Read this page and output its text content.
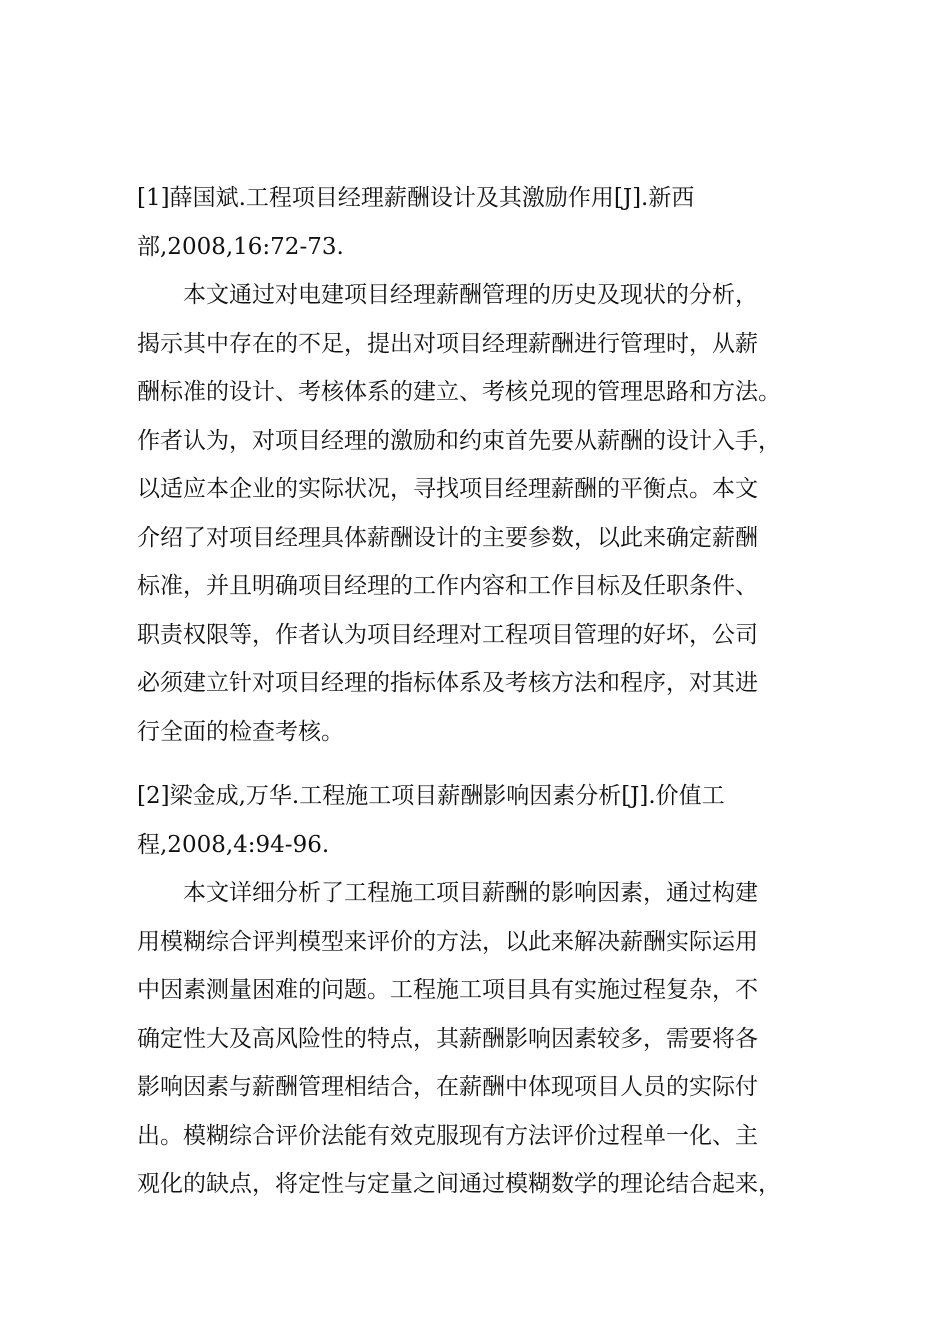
[1]薛国斌.工程项目经理薪酬设计及其激励作用[J].新西
部,2008,16:72-73.
本文通过对电建项目经理薪酬管理的历史及现状的分析，
揭示其中存在的不足，提出对项目经理薪酬进行管理时，从薪
酬标准的设计、考核体系的建立、考核兑现的管理思路和方法。
作者认为，对项目经理的激励和约束首先要从薪酬的设计入手，
以适应本企业的实际状况，寻找项目经理薪酬的平衡点。本文
介绍了对项目经理具体薪酬设计的主要参数，以此来确定薪酬
标准，并且明确项目经理的工作内容和工作目标及任职条件、
职责权限等，作者认为项目经理对工程项目管理的好坏，公司
必须建立针对项目经理的指标体系及考核方法和程序，对其进
行全面的检查考核。
[2]梁金成,万华.工程施工项目薪酬影响因素分析[J].价值工
程,2008,4:94-96.
本文详细分析了工程施工项目薪酬的影响因素，通过构建
用模糊综合评判模型来评价的方法，以此来解决薪酬实际运用
中因素测量困难的问题。工程施工项目具有实施过程复杂，不
确定性大及高风险性的特点，其薪酬影响因素较多，需要将各
影响因素与薪酬管理相结合，在薪酬中体现项目人员的实际付
出。模糊综合评价法能有效克服现有方法评价过程单一化、主
观化的缺点，将定性与定量之间通过模糊数学的理论结合起来，
